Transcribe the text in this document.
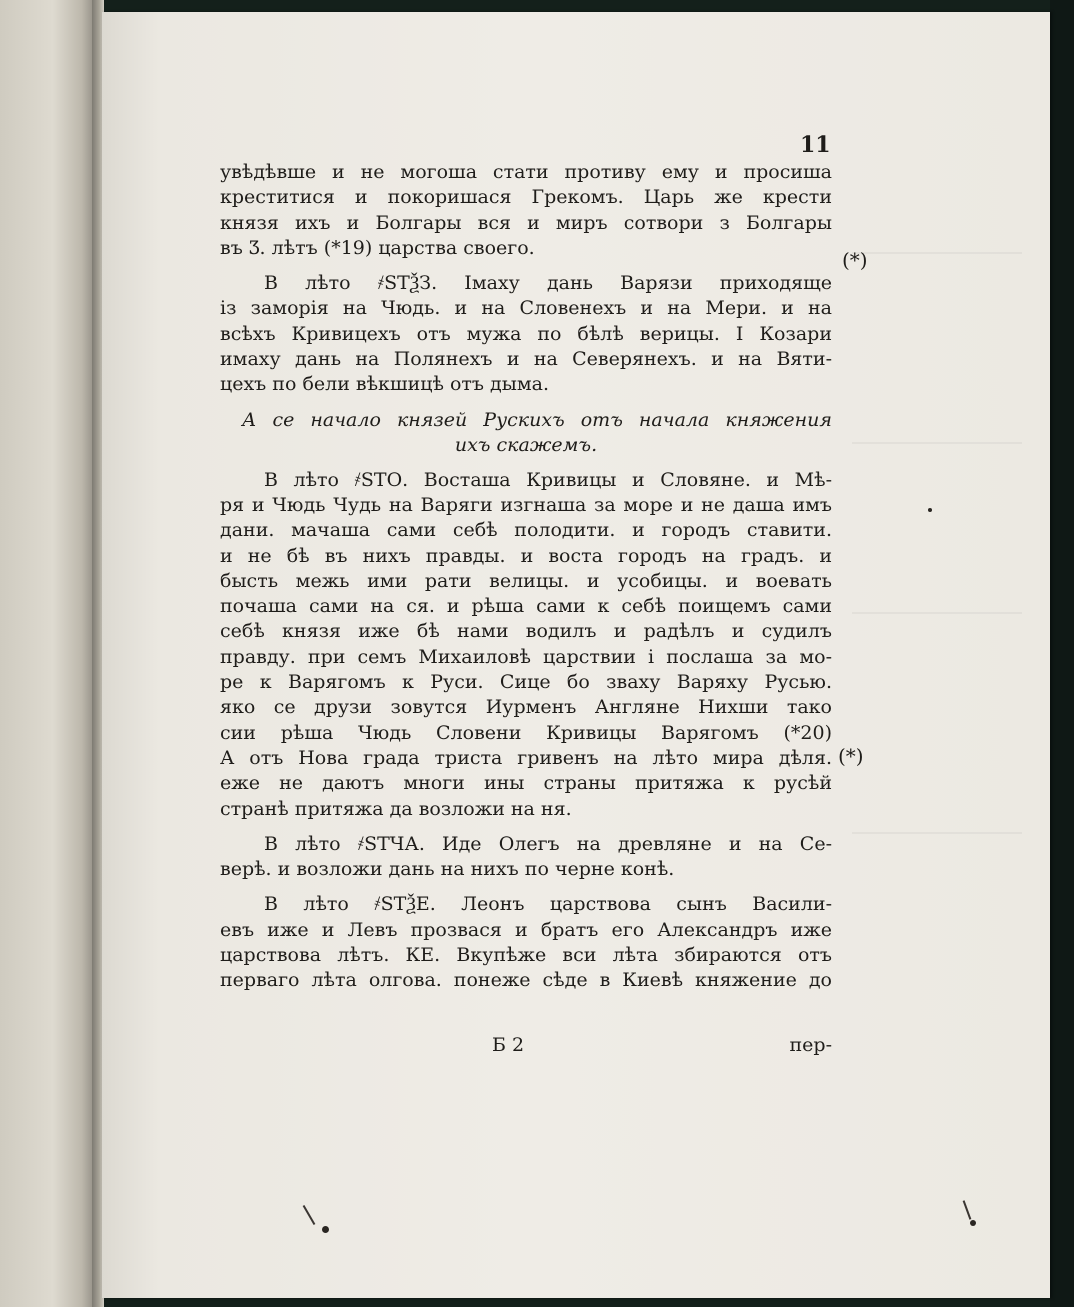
11
(*)
(*)
увѣдѣвше и не могоша стати противу ему и просиша
креститися и покоришася Грекомъ. Царь же крести
князя ихъ и Болгары вся и миръ сотвори з Болгары
въ Ӡ. лѣтъ (*19) царства своего.
В лѣто ҂ЅТѮЗ. Імаху дань Варязи приходяще
із заморія на Чюдь. и на Словенехъ и на Мери. и на
всѣхъ Кривицехъ отъ мужа по бѣлѣ верицы. І Козари
имаху дань на Полянехъ и на Северянехъ. и на Вяти-
цехъ по бели вѣкшицѣ отъ дыма.
А се начало князей Рускихъ отъ начала княжения
ихъ скажемъ.
В лѣто ҂ЅТО. Восташа Кривицы и Словяне. и Мѣ-
ря и Чюдь Чудь на Варяги изгнаша за море и не даша имъ
дани. мачаша сами себѣ полодити. и городъ ставити.
и не бѣ въ нихъ правды. и воста городъ на градъ. и
бысть межь ими рати велицы. и усобицы. и воевать
почаша сами на ся. и рѣша сами к себѣ поищемъ сами
себѣ князя иже бѣ нами водилъ и радѣлъ и судилъ
правду. при семъ Михаиловѣ царствии і послаша за мо-
ре к Варягомъ к Руси. Сице бо зваху Варяху Русью.
яко се друзи зовутся Иурменъ Англяне Нихши тако
сии рѣша Чюдь Словени Кривицы Варягомъ (*20)
А отъ Нова града триста гривенъ на лѣто мира дѣля.
еже не даютъ многи ины страны притяжа к русѣй
странѣ притяжа да возложи на ня.
В лѣто ҂ЅТЧА. Иде Олегъ на древляне и на Се-
верѣ. и возложи дань на нихъ по черне конѣ.
В лѣто ҂ЅТѮЕ. Леонъ царствова сынъ Васили-
евъ иже и Левъ прозвася и братъ его Александръ иже
царствова лѣтъ. КЕ. Вкупѣже вси лѣта збираются отъ
перваго лѣта олгова. понеже сѣде в Киевѣ княжение до
Б 2	пер-
